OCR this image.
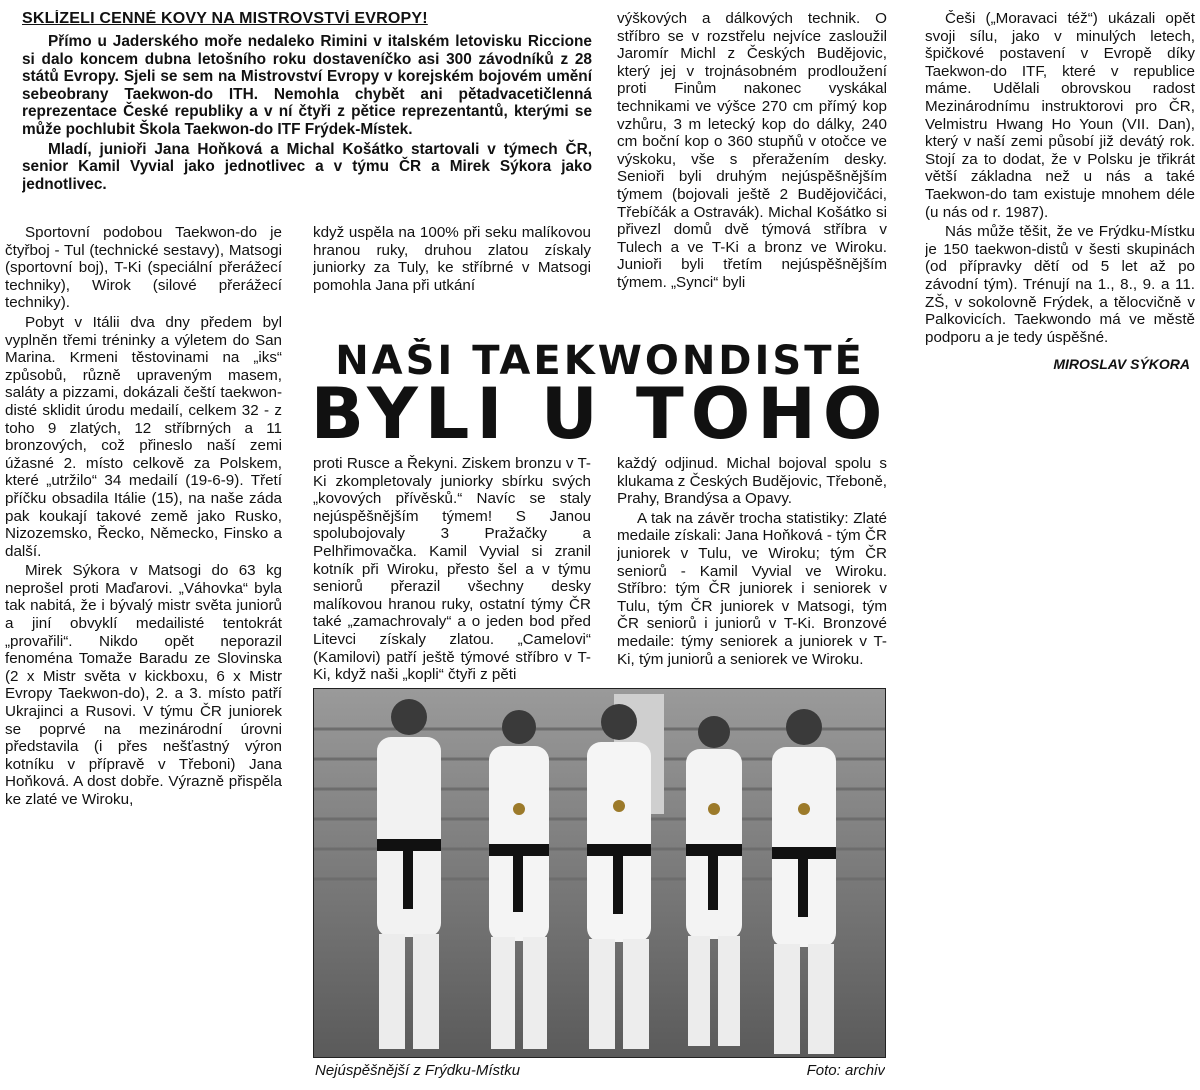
SKLÍZELI CENNÉ KOVY NA MISTROVSTVÍ EVROPY!

Přímo u Jaderského moře nedaleko Rimini v italském letovisku Riccione si dalo koncem dubna letošního roku dostaveníčko asi 300 závodníků z 28 států Evropy. Sjeli se sem na Mistrovství Evropy v korejském bojovém umění sebeobrany Taekwon-do ITH. Nemohla chybět ani pětadvacetičlenná reprezentace České republiky a v ní čtyři z pětice reprezentantů, kterými se může pochlubit Škola Taekwon-do ITF Frýdek-Místek.

Mladí, junioři Jana Hoňková a Michal Košátko startovali v týmech ČR, senior Kamil Vyvial jako jednotlivec a v týmu ČR a Mirek Sýkora jako jednotlivec.

Sportovní podobou Taekwon-do je čtyřboj - Tul (technické sestavy), Matsogi (sportovní boj), T-Ki (speciální přerážecí techniky), Wirok (silové přerážecí techniky).

Pobyt v Itálii dva dny předem byl vyplněn třemi tréninky a výletem do San Marina. Krmeni těstovinami na „iks“ způsobů, různě upraveným masem, saláty a pizzami, dokázali čeští taekwon-disté sklidit úrodu medailí, celkem 32 - z toho 9 zlatých, 12 stříbrných a 11 bronzových, což přineslo naší zemi úžasné 2. místo celkově za Polskem, které „utržilo“ 34 medailí (19-6-9). Třetí příčku obsadila Itálie (15), na naše záda pak koukají takové země jako Rusko, Nizozemsko, Řecko, Německo, Finsko a další.

Mirek Sýkora v Matsogi do 63 kg neprošel proti Maďarovi. „Váhovka“ byla tak nabitá, že i bývalý mistr světa juniorů a jiní obvyklí medailisté tentokrát „provařili“. Nikdo opět neporazil fenoména Tomaže Baradu ze Slovinska (2 x Mistr světa v kickboxu, 6 x Mistr Evropy Taekwon-do), 2. a 3. místo patří Ukrajinci a Rusovi. V týmu ČR juniorek se poprvé na mezinárodní úrovni představila (i přes nešťastný výron kotníku v přípravě v Třeboni) Jana Hoňková. A dost dobře. Výrazně přispěla ke zlaté ve Wiroku,

když uspěla na 100% při seku malíkovou hranou ruky, druhou zlatou získaly juniorky za Tuly, ke stříbrné v Matsogi pomohla Jana při utkání

výškových a dálkových technik. O stříbro se v rozstřelu nejvíce zasloužil Jaromír Michl z Českých Budějovic, který jej v trojnásobném prodloužení proti Finům nakonec vyskákal technikami ve výšce 270 cm přímý kop vzhůru, 3 m letecký kop do dálky, 240 cm boční kop o 360 stupňů v otočce ve výskoku, vše s přeražením desky. Senioři byli druhým nejúspěšnějším týmem (bojovali ještě 2 Budějovičáci, Třebíčák a Ostravák). Michal Košátko si přivezl domů dvě týmová stříbra v Tulech a ve T-Ki a bronz ve Wiroku. Junioři byli třetím nejúspěšnějším týmem. „Synci“ byli

Češi („Moravaci též“) ukázali opět svoji sílu, jako v minulých letech, špičkové postavení v Evropě díky Taekwon-do ITF, které v republice máme. Udělali obrovskou radost Mezinárodnímu instruktorovi pro ČR, Velmistru Hwang Ho Youn (VII. Dan), který v naší zemi působí již devátý rok. Stojí za to dodat, že v Polsku je třikrát větší základna než u nás a také Taekwon-do tam existuje mnohem déle (u nás od r. 1987).

Nás může těšit, že ve Frýdku-Místku je 150 taekwon-distů v šesti skupinách (od přípravky dětí od 5 let až po závodní tým). Trénují na 1., 8., 9. a 11. ZŠ, v sokolovně Frýdek, a tělocvičně v Palkovicích. Taekwondo má ve městě podporu a je tedy úspěšné.

MIROSLAV SÝKORA
NAŠI TAEKWONDISTÉ
BYLI U TOHO

proti Rusce a Řekyni. Ziskem bronzu v T-Ki zkompletovaly juniorky sbírku svých „kovových přívěsků.“ Navíc se staly nejúspěšnějším týmem! S Janou spolubojovaly 3 Pražačky a Pelhřimovačka. Kamil Vyvial si zranil kotník při Wiroku, přesto šel a v týmu seniorů přerazil všechny desky malíkovou hranou ruky, ostatní týmy ČR také „zamachrovaly“ a o jeden bod před Litevci získaly zlatou. „Camelovi“ (Kamilovi) patří ještě týmové stříbro v T-Ki, když naši „kopli“ čtyři z pěti

každý odjinud. Michal bojoval spolu s klukama z Českých Budějovic, Třeboně, Prahy, Brandýsa a Opavy.

A tak na závěr trocha statistiky: Zlaté medaile získali: Jana Hoňková - tým ČR juniorek v Tulu, ve Wiroku; tým ČR seniorů - Kamil Vyvial ve Wiroku. Stříbro: tým ČR juniorek i seniorek v Tulu, tým ČR juniorek v Matsogi, tým ČR seniorů i juniorů v T-Ki. Bronzové medaile: týmy seniorek a juniorek v T-Ki, tým juniorů a seniorek ve Wiroku.

Nejúspěšnější z Frýdku-Místku	Foto: archiv
